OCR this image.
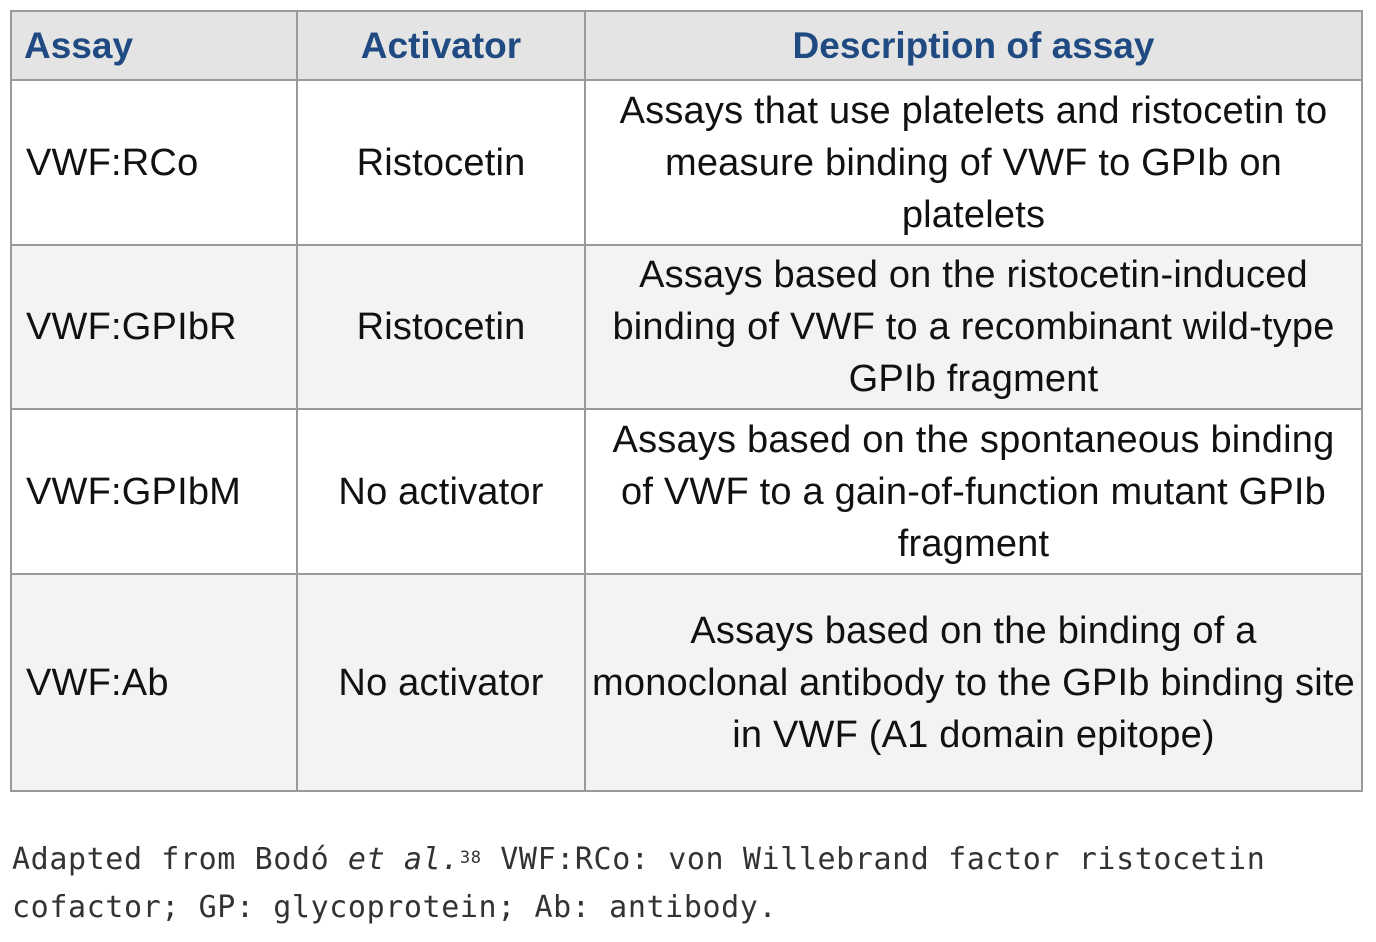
Assay	Activator	Description of assay
VWF:RCo	Ristocetin	Assays that use platelets and ristocetin to measure binding of VWF to GPIb on platelets
VWF:GPIbR	Ristocetin	Assays based on the ristocetin-induced binding of VWF to a recombinant wild-type GPIb fragment
VWF:GPIbM	No activator	Assays based on the spontaneous binding of VWF to a gain-of-function mutant GPIb fragment
VWF:Ab	No activator	Assays based on the binding of a monoclonal antibody to the GPIb binding site in VWF (A1 domain epitope)
Adapted from Bodó et al.$^{38}$ VWF:RCo: von Willebrand factor ristocetin cofactor; GP: glycoprotein; Ab: antibody.
